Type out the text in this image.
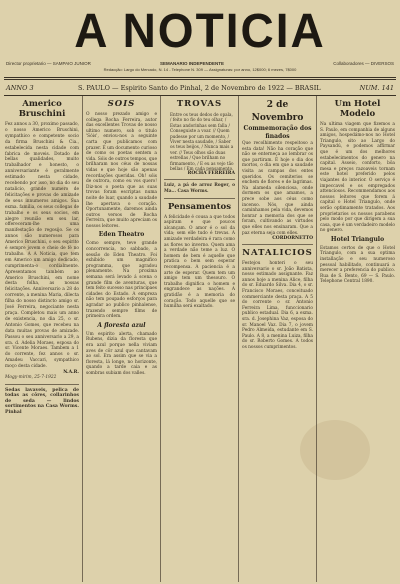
A NOTICIA
Director proprietario — SAMPAIO JUNIOR	SEMANARIO INDEPENDENTE	Collaboradores — DIVERSOS
Redacção: Largo do Mercado, N. 14 - Telephone N. 309 — Assignaturas: por anno, 12$000; 6 mezes, 7$000
ANNO 3	S. PAULO — Espirito Santo do Pinhal, 2 de Novembro de 1922 — BRASIL	NUM. 141
Americo Bruschini

Fez annos a 30, proximo passado, o nosso Americo Bruschini, sympathico e competente socio da firma Bruschini & Cia., estabelecida nesta cidade com fabrica de moveis. Dotado de bellas qualidades, muito trabalhador e honesto, o anniversariante é geralmente estimado nesta cidade, recebendo por isso, no dia do seu natalicio, grande numero de felicitações e provas de amizade de seus innumeros amigos. Sua exma. familia, os seus collegas de trabalho e os seus socios, em alegre reunião em seu lar, offereceram-lhe uma manifestação de regosijo. Se os annos são numerosos para Americo Bruschini, o seu espirito é sempre jovem e cheio de fé no trabalho. A A Noticia, que tem em Americo um amigo dedicado, cumprimenta-o cordialmente. Apresentamos também ao Americo Bruschini, em nome desta folha, as nossas felicitações. Anniversario a 28 do corrente, a menina Maria, dilecta filha do nosso distincto amigo sr. José Ferreira, negociante nesta praça. Completou mais um anno de existencia, no dia 25, o sr. Antonio Gomes, que recebeu na data muitas provas de amizade. Passou o seu anniversario a 29, a sra. d. Adelia Moraes, esposa do sr. Vicente Moraes. Tambem a 1 do corrente, fez annos o sr. Amadeu Vaccari, sympathico moço desta cidade.

N.A.R.

Mogy-mirim, 25-7-1922

Sedas lavaveis, pelica de todas as côres, collarinhos de seda — lindos sortimentos na Casa Worms. Pinhal

SOIS

O nosso prezado amigo e collega Rocha Ferreira, autor das excellentes Trovas de nosso ultimo numero, sob o titulo 'Sóis', enviou-nos a seguinte carta que publicamos com prazer. É um documento curioso de como os poetas sentem a vida. Sóis de outros tempos, que brilharam nos céus de nossas vidas e que hoje são apenas recordações queridas. Oh! sóis de outrora, como eu vos quero! Diz-nos o poeta que as suas trovas foram escriptas numa noite de luar, quando a saudade lhe apertava o coração. Oportunamente, daremos ainda outros versos de Rocha Ferreira, que muito apreciam os nossos leitores.

Eden Theatro

Como sempre, teve grande concorrencia, no sabbado, a sessão do Eden Theatro. Foi exhibido um magnifico programma, que agradou plenamente. Na proxima semana será levado á scena o grande film de aventuras, que tem feito sucesso nas principaes cidades do Estado. A empreza não tem poupado esforços para agradar ao publico pinhalense, trazendo sempre films de primeira ordem.

A floresta azul

Um espirito alerta, chamado Rubens, dizia da floresta que era azul porque nella viviam aves de côr azul que cantavam ao sol. Era assim que se via a floresta, lá longe, no horizonte, quando a tarde caia e as sombras subiam dos valles.

TROVAS
Entre os teus dedos de opala, / feito no fio do teu olhar, / Estas andorinhas sem falla / Conseguiste a voar. // Quem pudesse por um momento, / Viver nesta saudade, / Saber os teus beijos, / Nunca mais a ver. // Teus olhos são duas estrellas / Que brilham no firmamento, / E eu as vejo tão bellas / Em cada pensamento.
ROCHA FERREIRA

Luiz, a pá de arroz Roger, o Ma... Casa Worms.

Pensamentos

A felicidade é cousa a que todos aspiram e que poucos alcançam. O amor é o sol da vida; sem elle tudo é trevas. A amizade verdadeira é rara como as flores no inverno. Quem ama a verdade não teme a luz. O homem de bem é aquelle que pratica o bem sem esperar recompensa. A paciencia é a arte de esperar. Quem tem um amigo tem um thesouro. O trabalho dignifica o homem e engrandece as nações. A gratidão é a memoria do coração. Todo aquelle que se humilha será exaltado.

2 de Novembro
Commemoração dos finados

Que recolhimento respeitoso a esta data! Não ha coração que não se enterneça ao lembrar os que partiram. É hoje o dia dos mortos, o dia em que a saudade visita as campas dos entes queridos. Os cemiterios se enchem de flores e de lagrimas. Na alameda silenciosa, onde dormem os que amamos, a prece sobe aos céus como incenso. Nós, que ainda caminhamos pela vida, devemos honrar a memoria dos que se foram, cultivando as virtudes que elles nos ensinaram. Que a paz eterna seja com elles.

CORDORNETTO
NATALICIOS

Festejou honteri o seu anniversario o sr. João Batista, nosso estimado assignante. Faz annos hoje a menina Alice, filha do sr. Eduardo Silva. Dia 4, o sr. Francisco Moraes, conceituado commerciante desta praça. A 5 do corrente o sr. Antonio Ferreira Lima, funccionario publico estadual. Dia 6, a exma. sra. d. Josephina Vaz, esposa do sr. Manoel Vaz. Dia 7, o jovem Pedro Almeida, estudante em S. Paulo. A 8, a menina Luiza, filha do sr. Roberto Gomes. A todos os nossos cumprimentos.

Um Hotel Modelo

Na ultima viagem que fizemos a S. Paulo, em companhia de alguns amigos, hospedámo-nos no Hotel Triangulo, sito ao Largo do Paysandú, e podemos affirmar que é um dos melhores estabelecimentos do genero na capital. Asseio, conforto, bôa mesa e preços razoaveis tornam este hotel preferido pelos viajantes do interior. O serviço é impeccavel e os empregados attenciosos. Recommendamos aos nossos leitores que forem á capital o Hotel Triangulo, onde serão optimamente tratados. Aos proprietarios os nossos parabens pelo modo por que dirigem a sua casa, que é um verdadeiro modelo no genero.

Hotel Triangulo

Estamos certos de que o Hotel Triangulo, com a sua optima installação e seu numeroso pessoal habilitado, continuará a merecer a preferencia do publico. Rua de S. Bento, 69 — S. Paulo. Telephone Central 1890.
